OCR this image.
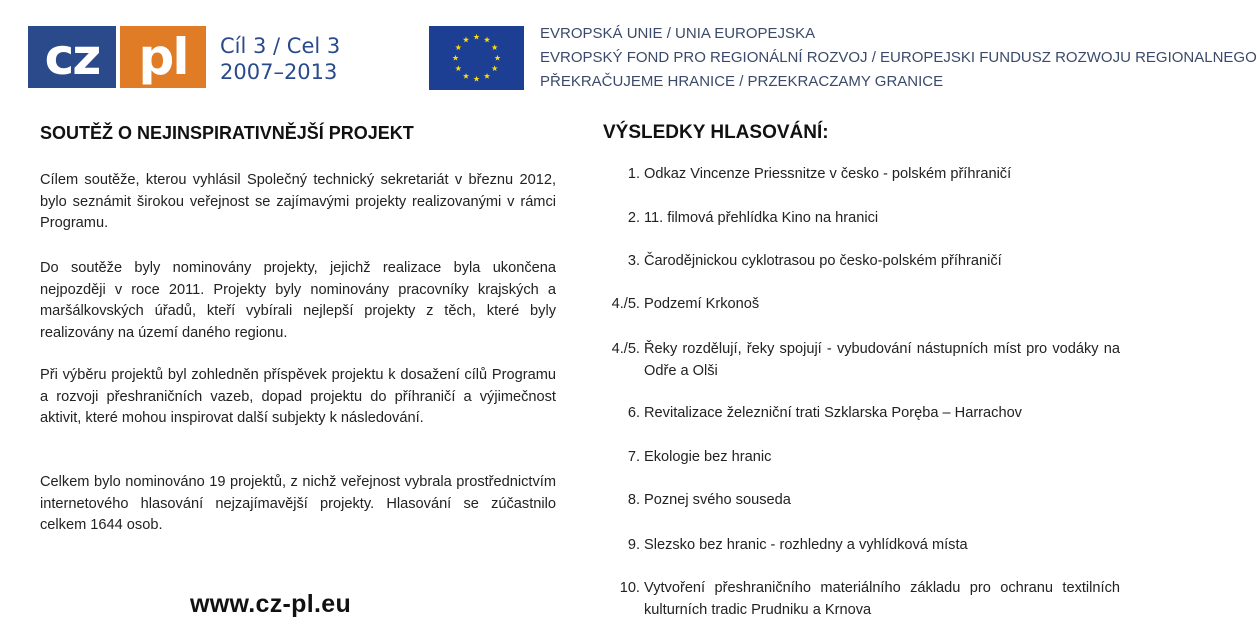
cz pl	Cíl 3 / Cel 3
2007–2013
EVROPSKÁ UNIE / UNIA EUROPEJSKA
EVROPSKÝ FOND PRO REGIONÁLNÍ ROZVOJ / EUROPEJSKI FUNDUSZ ROZWOJU REGIONALNEGO
PŘEKRAČUJEME HRANICE / PRZEKRACZAMY GRANICE
SOUTĚŽ O NEJINSPIRATIVNĚJŠÍ PROJEKT

Cílem soutěže, kterou vyhlásil Společný technický sekretariát v březnu 2012, bylo seznámit širokou veřejnost se zajímavými projekty realizovanými v rámci Programu.

Do soutěže byly nominovány projekty, jejichž realizace byla ukončena nejpozději v roce 2011. Projekty byly nominovány pracovníky krajských a maršálkovských úřadů, kteří vybírali nejlepší projekty z těch, které byly realizovány na území daného regionu.

Při výběru projektů byl zohledněn příspěvek projektu k dosažení cílů Programu a rozvoji přeshraničních vazeb, dopad projektu do příhraničí a výjimečnost aktivit, které mohou inspirovat další subjekty k následování.

Celkem bylo nominováno 19 projektů, z nichž veřejnost vybrala prostřednictvím internetového hlasování nejzajímavější projekty. Hlasování se zúčastnilo celkem 1644 osob.

www.cz-pl.eu
VÝSLEDKY HLASOVÁNÍ:
1. Odkaz Vincenze Priessnitze v česko - polském příhraničí
2. 11. filmová přehlídka Kino na hranici
3. Čarodějnickou cyklotrasou po česko-polském příhraničí
4./5. Podzemí Krkonoš
4./5. Řeky rozdělují, řeky spojují - vybudování nástupních míst pro vodáky na Odře a Olši
6. Revitalizace železniční trati Szklarska Poręba – Harrachov
7. Ekologie bez hranic
8. Poznej svého souseda
9. Slezsko bez hranic - rozhledny a vyhlídková místa
10. Vytvoření přeshraničního materiálního základu pro ochranu textilních kulturních tradic Prudniku a Krnova
